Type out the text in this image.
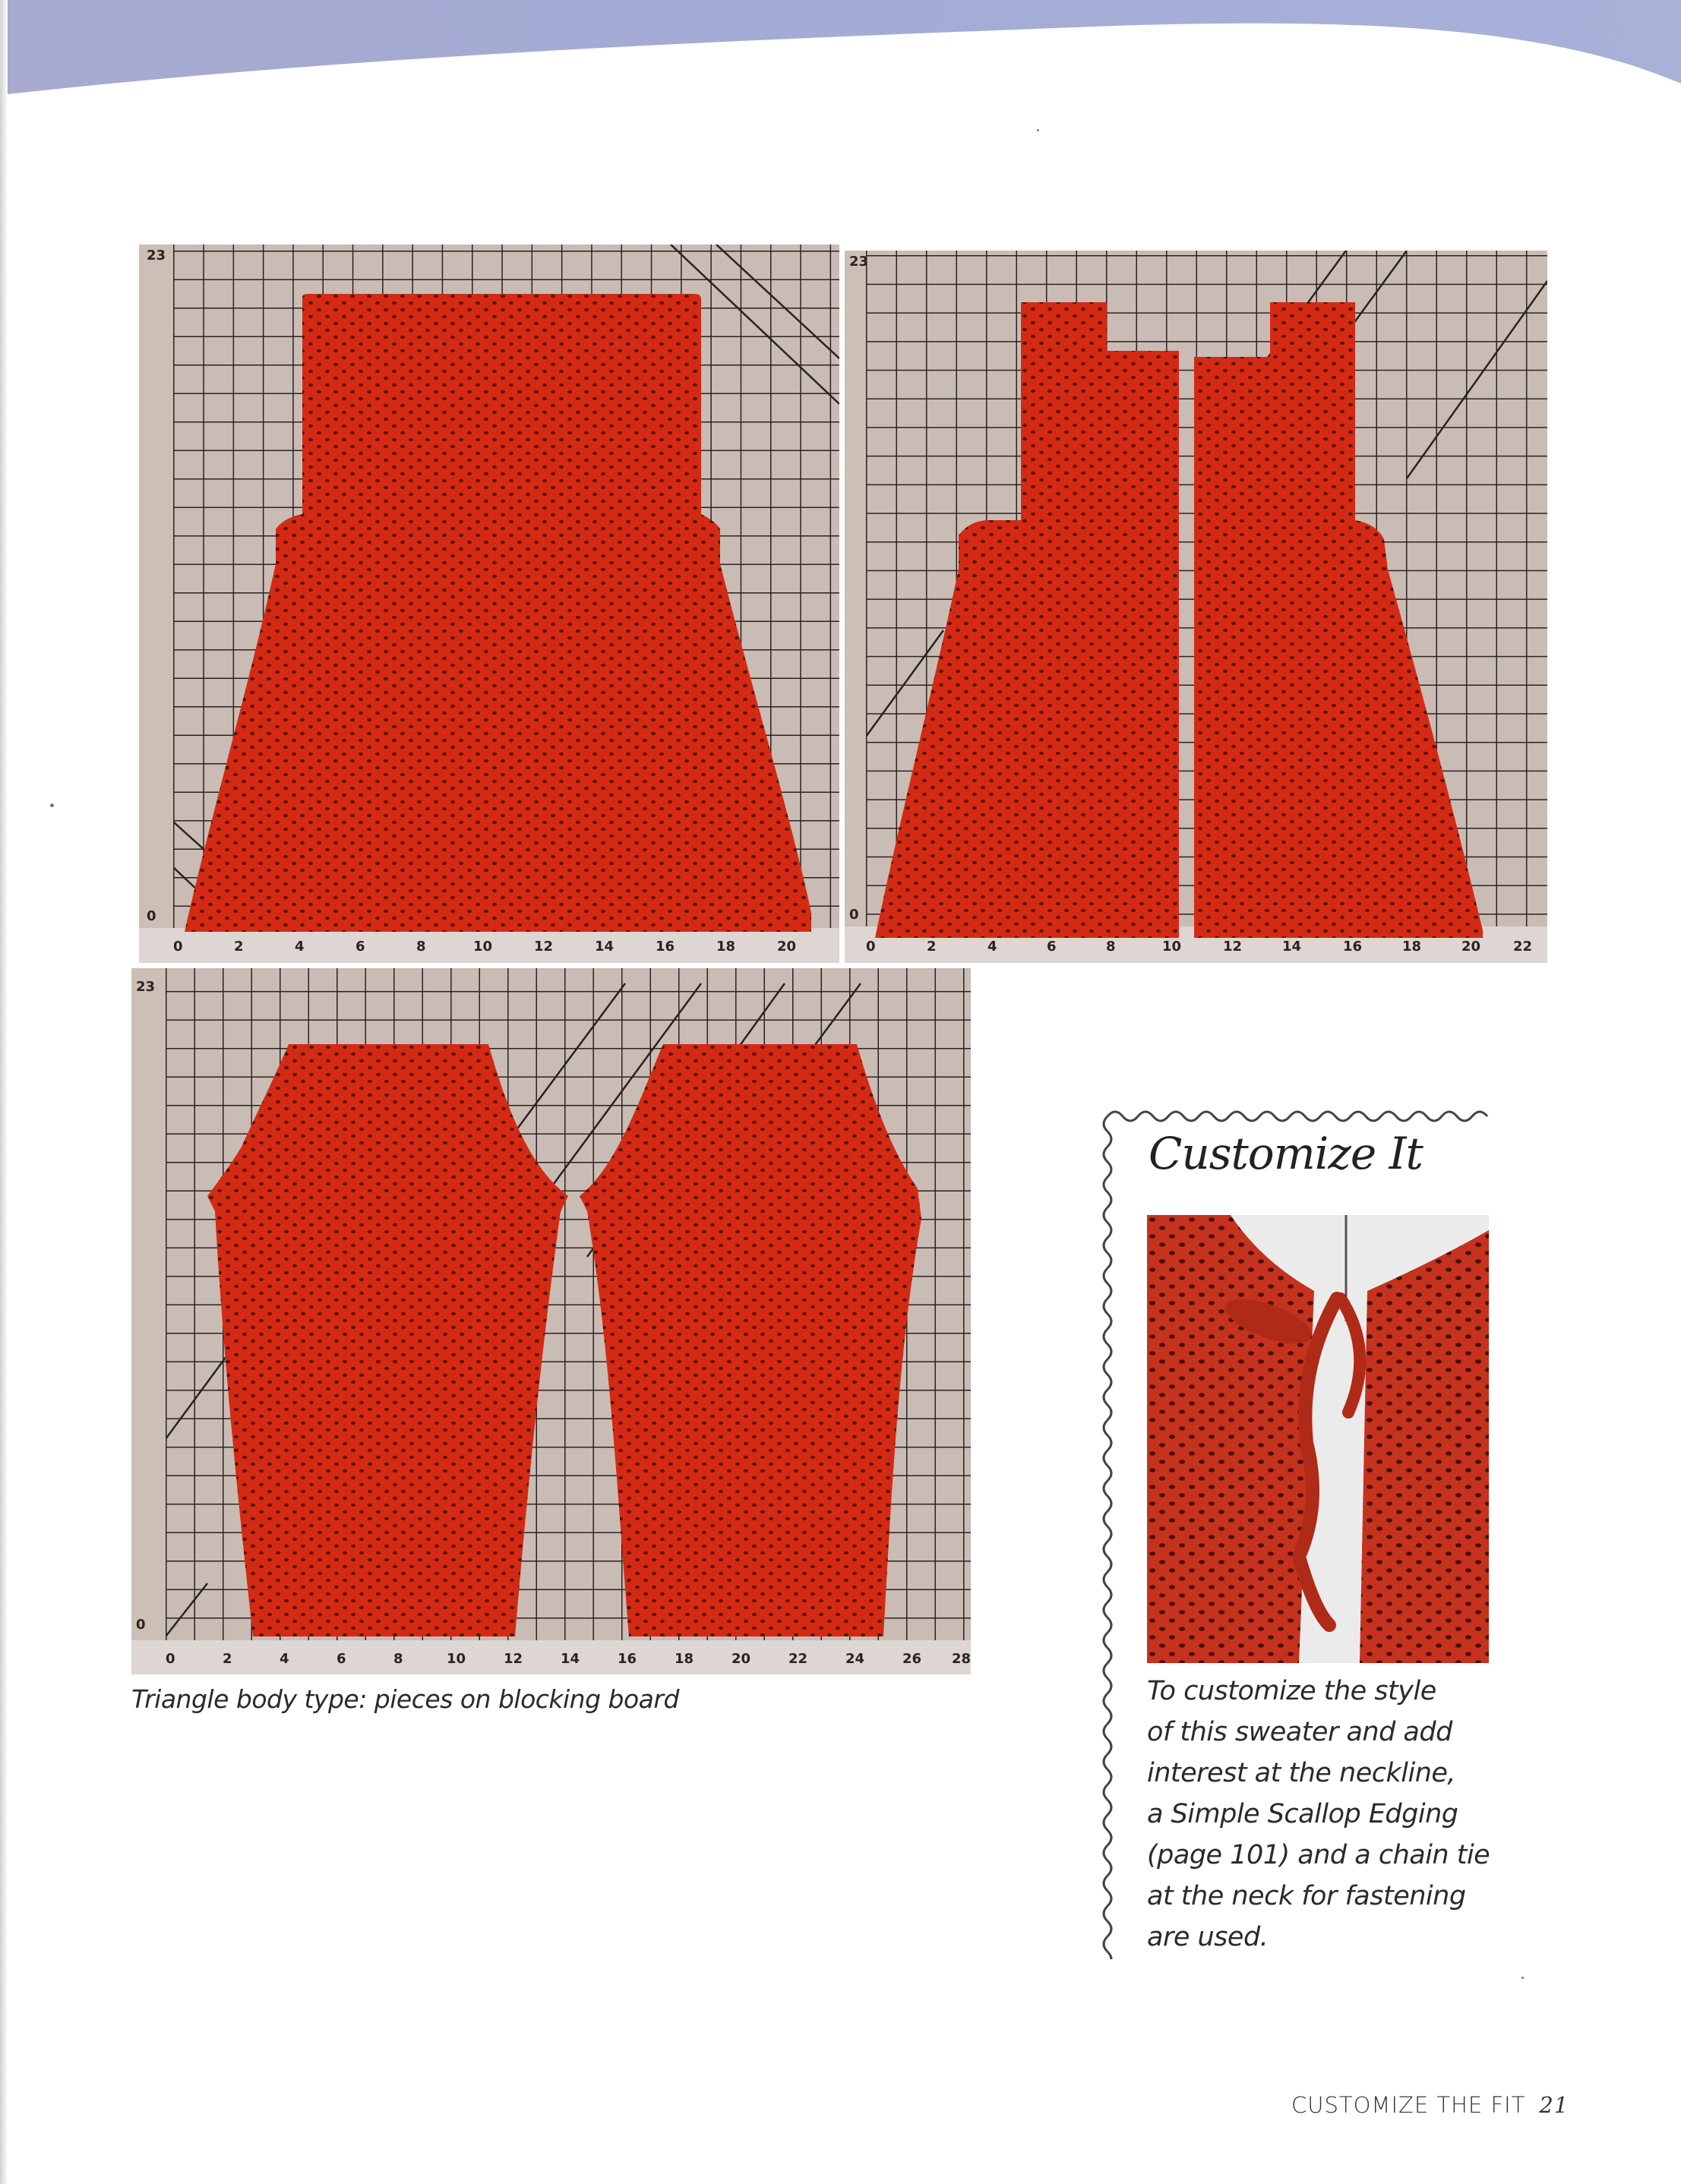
23
0
0	2	4	6	8	10	12	14	16	18	20
23
0
0	2	4	6	8	10	12	14	16	18	20 22
23
0
0	2	4	6	8	10	12	14	16	18	20	22	24	26 28
Triangle body type: pieces on blocking board
Customize It
To customize the style
of this sweater and add
interest at the neckline,
a Simple Scallop Edging
(page 101) and a chain tie
at the neck for fastening
are used.
CUSTOMIZE THE FIT 21
